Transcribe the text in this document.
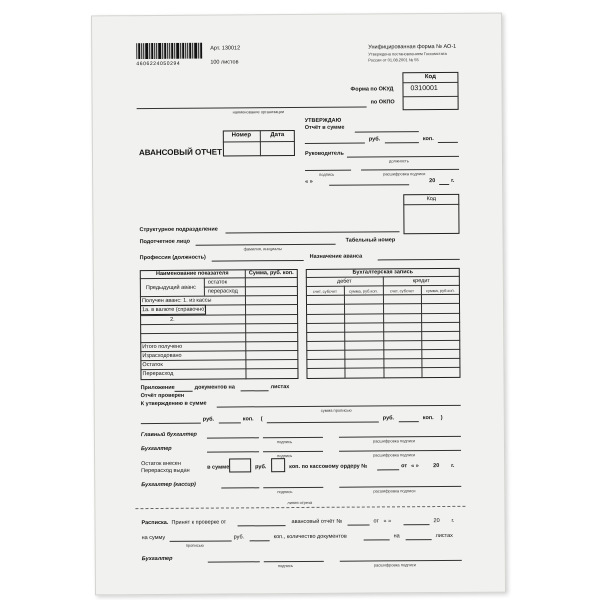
4606224050294
Арт. 130012
100 листов
Унифицированная форма № АО-1
Утверждена постановлением Госкомстата
России от 01.08.2001 № 55
Код
0310001
Форма по ОКУД
по ОКПО
наименование организации
АВАНСОВЫЙ ОТЧЕТ
Номер	Дата
УТВЕРЖДАЮ
Отчёт в сумме
руб.	коп.
Руководитель
должность
подпись	расшифровка подписи
« »	20	г.
Код
Структурное подразделение
Подотчетное лицо
фамилия, инициалы
Табельный номер
Профессия (должность)	Назначение аванса
Наименование показателя	Сумма, руб. коп.
Предыдущий аванс
остаток
перерасход
Получен аванс: 1. из кассы
1а. в валюте (справочно)
2.
Итого получено
Израсходовано
Остаток
Перерасход
Бухгалтерская запись
дебет	кредит
счет, субсчет	сумма, руб.коп.	счет, субсчет	сумма, руб.коп.
Приложение	документов на	листах
Отчёт проверен
К утверждению в сумме
сумма прописью
руб.	коп. (	руб.	коп. )
Главный бухгалтер
подпись	расшифровка подписи
Бухгалтер
подпись	расшифровка подписи
Остаток внесен
Перерасход выдан
в сумме	руб.	коп. по кассовому ордеру №	от « »	20 г.
Бухгалтер (кассир)
подпись	расшифровка подписи
линия отреза
Расписка. Принят к проверке от	авансовый отчёт №	от « »	20 г.
на сумму
прописью
руб.	коп., количество документов	на	листах
Бухгалтер
подпись	расшифровка подписи
